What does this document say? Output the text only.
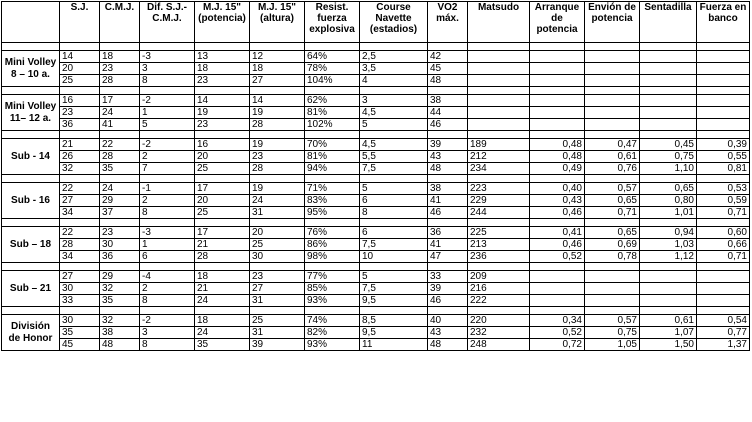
	S.J.	C.M.J.	Dif. S.J.- C.M.J.	M.J. 15" (potencia)	M.J. 15" (altura)	Resist. fuerza explosiva	Course Navette (estadios)	VO2 máx.	Matsudo	Arranque de potencia	Envión de potencia	Sentadilla	Fuerza en banco

Mini Volley 8 – 10 a.	14	18	-3	13	12	64%	2,5	42					
	20	23	3	18	18	78%	3,5	45					
	25	28	8	23	27	104%	4	48					

Mini Volley 11– 12 a.	16	17	-2	14	14	62%	3	38					
	23	24	1	19	19	81%	4,5	44					
	36	41	5	23	28	102%	5	46					

Sub - 14	21	22	-2	16	19	70%	4,5	39	189	0,48	0,47	0,45	0,39
	26	28	2	20	23	81%	5,5	43	212	0,48	0,61	0,75	0,55
	32	35	7	25	28	94%	7,5	48	234	0,49	0,76	1,10	0,81

Sub - 16	22	24	-1	17	19	71%	5	38	223	0,40	0,57	0,65	0,53
	27	29	2	20	24	83%	6	41	229	0,43	0,65	0,80	0,59
	34	37	8	25	31	95%	8	46	244	0,46	0,71	1,01	0,71

Sub – 18	22	23	-3	17	20	76%	6	36	225	0,41	0,65	0,94	0,60
	28	30	1	21	25	86%	7,5	41	213	0,46	0,69	1,03	0,66
	34	36	6	28	30	98%	10	47	236	0,52	0,78	1,12	0,71

Sub – 21	27	29	-4	18	23	77%	5	33	209				
	30	32	2	21	27	85%	7,5	39	216				
	33	35	8	24	31	93%	9,5	46	222				

División de Honor	30	32	-2	18	25	74%	8,5	40	220	0,34	0,57	0,61	0,54
	35	38	3	24	31	82%	9,5	43	232	0,52	0,75	1,07	0,77
	45	48	8	35	39	93%	11	48	248	0,72	1,05	1,50	1,37
